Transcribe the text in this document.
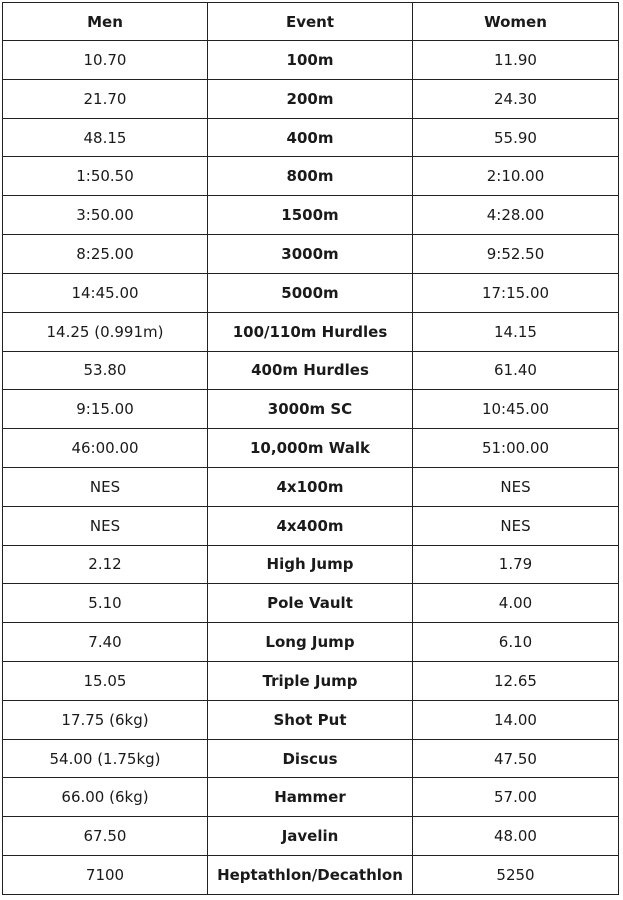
Men	Event	Women
10.70	100m	11.90
21.70	200m	24.30
48.15	400m	55.90
1:50.50	800m	2:10.00
3:50.00	1500m	4:28.00
8:25.00	3000m	9:52.50
14:45.00	5000m	17:15.00
14.25 (0.991m)	100/110m Hurdles	14.15
53.80	400m Hurdles	61.40
9:15.00	3000m SC	10:45.00
46:00.00	10,000m Walk	51:00.00
NES	4x100m	NES
NES	4x400m	NES
2.12	High Jump	1.79
5.10	Pole Vault	4.00
7.40	Long Jump	6.10
15.05	Triple Jump	12.65
17.75 (6kg)	Shot Put	14.00
54.00 (1.75kg)	Discus	47.50
66.00 (6kg)	Hammer	57.00
67.50	Javelin	48.00
7100	Heptathlon/Decathlon	5250
